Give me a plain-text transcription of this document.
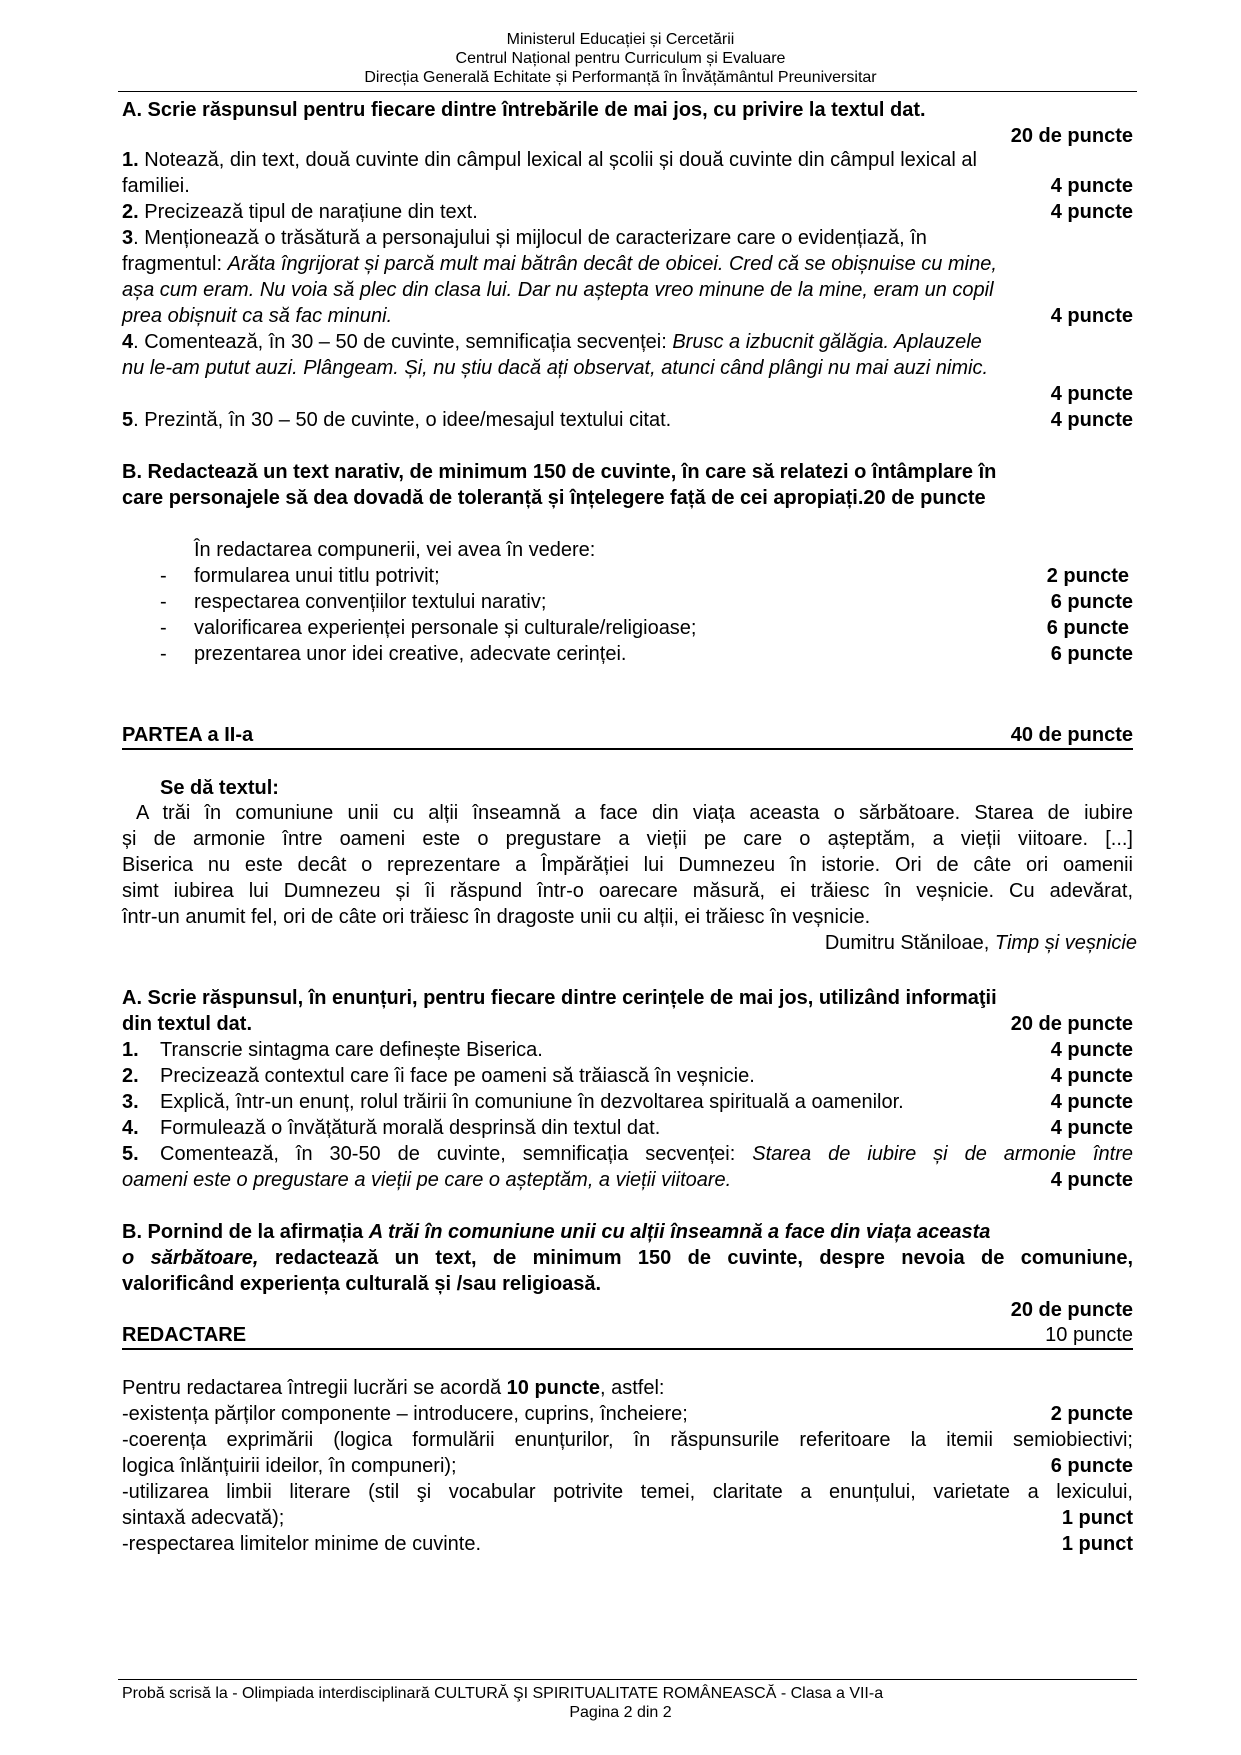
Ministerul Educației și Cercetării
Centrul Național pentru Curriculum și Evaluare
Direcția Generală Echitate și Performanță în Învățământul Preuniversitar
A. Scrie răspunsul pentru fiecare dintre întrebările de mai jos, cu privire la textul dat.
20 de puncte
1. Notează, din text, două cuvinte din câmpul lexical al școlii și două cuvinte din câmpul lexical al
familiei.	4 puncte
2. Precizează tipul de narațiune din text.	4 puncte
3. Menționează o trăsătură a personajului și mijlocul de caracterizare care o evidențiază, în
fragmentul: Arăta îngrijorat și parcă mult mai bătrân decât de obicei. Cred că se obișnuise cu mine,
așa cum eram. Nu voia să plec din clasa lui. Dar nu aștepta vreo minune de la mine, eram un copil
prea obișnuit ca să fac minuni.	4 puncte
4. Comentează, în 30 – 50 de cuvinte, semnificația secvenței: Brusc a izbucnit gălăgia. Aplauzele
nu le-am putut auzi. Plângeam. Și, nu știu dacă ați observat, atunci când plângi nu mai auzi nimic.
4 puncte
5. Prezintă, în 30 – 50 de cuvinte, o idee/mesajul textului citat.	4 puncte
B. Redactează un text narativ, de minimum 150 de cuvinte, în care să relatezi o întâmplare în
care personajele să dea dovadă de toleranță și înțelegere față de cei apropiați.20 de puncte
În redactarea compunerii, vei avea în vedere:
- formularea unui titlu potrivit;	2 puncte
- respectarea convențiilor textului narativ;	6 puncte
- valorificarea experienței personale și culturale/religioase;	6 puncte
- prezentarea unor idei creative, adecvate cerinței.	6 puncte
PARTEA a II-a	40 de puncte
Se dă textul:
A trăi în comuniune unii cu alții înseamnă a face din viața aceasta o sărbătoare. Starea de iubire
și de armonie între oameni este o pregustare a vieții pe care o așteptăm, a vieții viitoare. [...]
Biserica nu este decât o reprezentare a Împărăției lui Dumnezeu în istorie. Ori de câte ori oamenii
simt iubirea lui Dumnezeu și îi răspund într-o oarecare măsură, ei trăiesc în veșnicie. Cu adevărat,
într-un anumit fel, ori de câte ori trăiesc în dragoste unii cu alții, ei trăiesc în veșnicie.
Dumitru Stăniloae, Timp și veșnicie
A. Scrie răspunsul, în enunțuri, pentru fiecare dintre cerințele de mai jos, utilizând informaţii
din textul dat.	20 de puncte
1. Transcrie sintagma care definește Biserica.	4 puncte
2. Precizează contextul care îi face pe oameni să trăiască în veșnicie.	4 puncte
3. Explică, într-un enunț, rolul trăirii în comuniune în dezvoltarea spirituală a oamenilor.	4 puncte
4. Formulează o învățătură morală desprinsă din textul dat.	4 puncte
5. Comentează, în 30-50 de cuvinte, semnificația secvenței: Starea de iubire și de armonie între
oameni este o pregustare a vieții pe care o așteptăm, a vieții viitoare.	4 puncte
B. Pornind de la afirmația A trăi în comuniune unii cu alții înseamnă a face din viața aceasta
o sărbătoare, redactează un text, de minimum 150 de cuvinte, despre nevoia de comuniune,
valorificând experiența culturală și /sau religioasă.
20 de puncte
REDACTARE	10 puncte
Pentru redactarea întregii lucrări se acordă 10 puncte, astfel:
-existența părților componente – introducere, cuprins, încheiere;	2 puncte
-coerența exprimării (logica formulării enunțurilor, în răspunsurile referitoare la itemii semiobiectivi;
logica înlănțuirii ideilor, în compuneri);	6 puncte
-utilizarea limbii literare (stil şi vocabular potrivite temei, claritate a enunțului, varietate a lexicului,
sintaxă adecvată);	1 punct
-respectarea limitelor minime de cuvinte.	1 punct
Probă scrisă la - Olimpiada interdisciplinară CULTURĂ ŞI SPIRITUALITATE ROMÂNEASCĂ - Clasa a VII-a
Pagina 2 din 2
